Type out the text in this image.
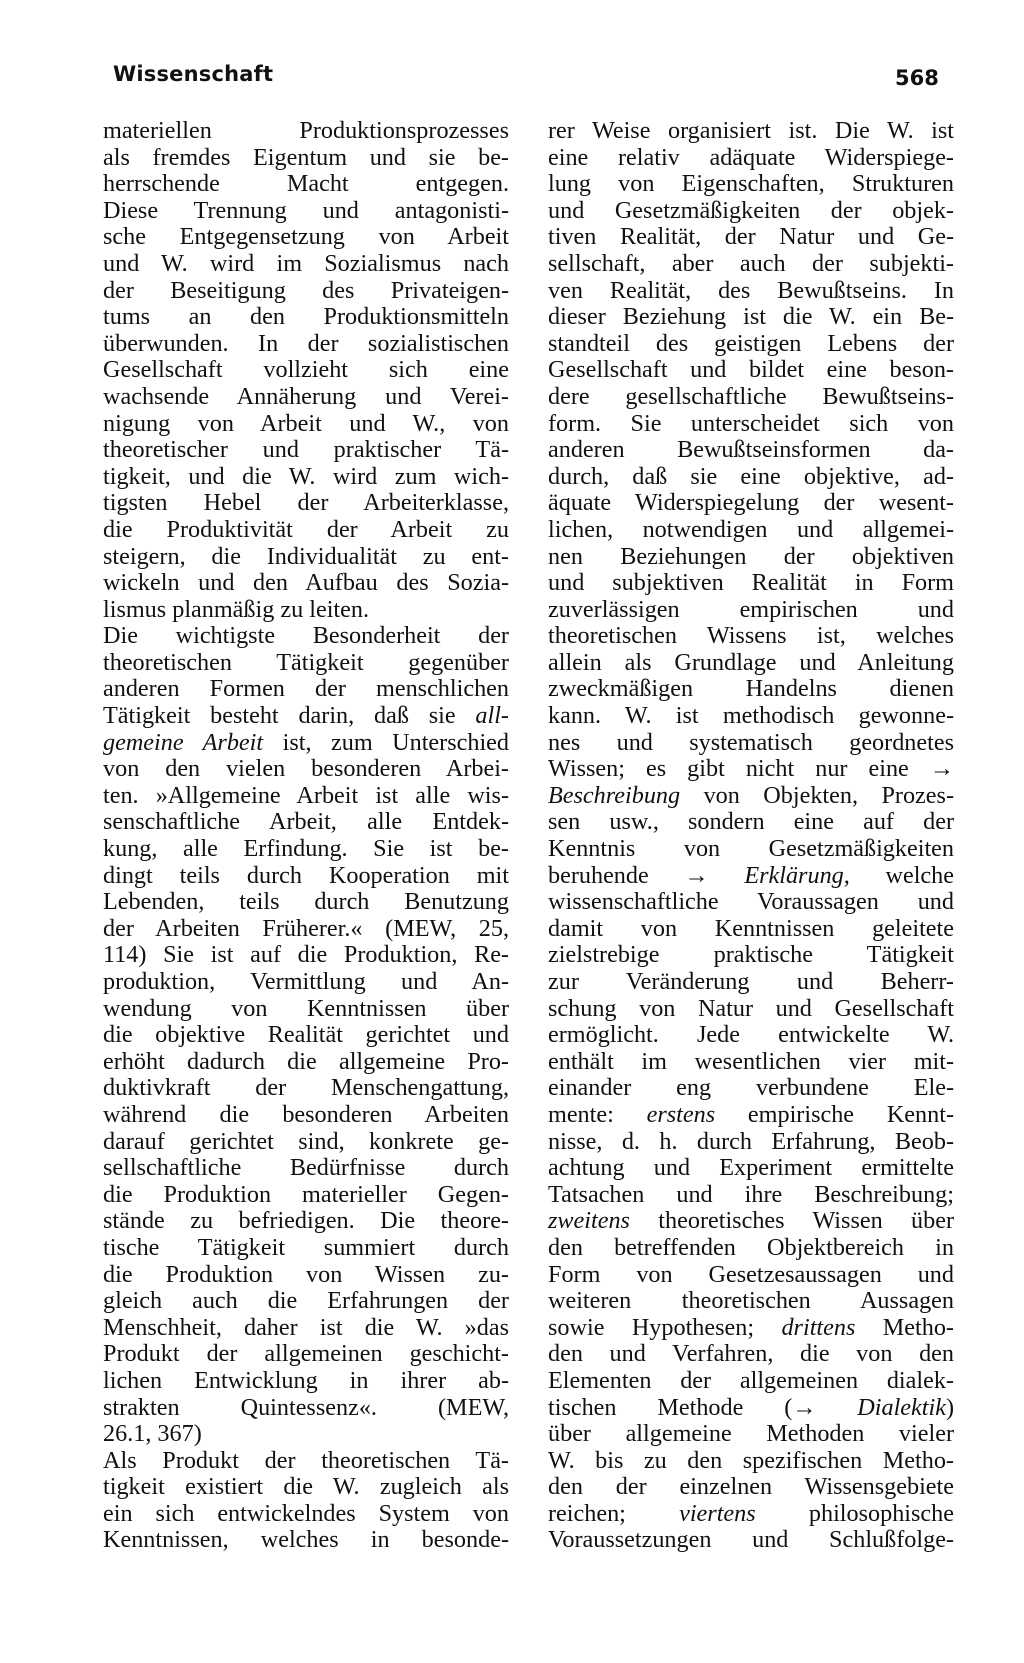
Wissenschaft	568
materiellen Produktionsprozesses
als fremdes Eigentum und sie be-
herrschende Macht entgegen.
Diese Trennung und antagonisti-
sche Entgegensetzung von Arbeit
und W. wird im Sozialismus nach
der Beseitigung des Privateigen-
tums an den Produktionsmitteln
überwunden. In der sozialistischen
Gesellschaft vollzieht sich eine
wachsende Annäherung und Verei-
nigung von Arbeit und W., von
theoretischer und praktischer Tä-
tigkeit, und die W. wird zum wich-
tigsten Hebel der Arbeiterklasse,
die Produktivität der Arbeit zu
steigern, die Individualität zu ent-
wickeln und den Aufbau des Sozia-
lismus planmäßig zu leiten.
Die wichtigste Besonderheit der
theoretischen Tätigkeit gegenüber
anderen Formen der menschlichen
Tätigkeit besteht darin, daß sie all-
gemeine Arbeit ist, zum Unterschied
von den vielen besonderen Arbei-
ten. »Allgemeine Arbeit ist alle wis-
senschaftliche Arbeit, alle Entdek-
kung, alle Erfindung. Sie ist be-
dingt teils durch Kooperation mit
Lebenden, teils durch Benutzung
der Arbeiten Früherer.« (MEW, 25,
114) Sie ist auf die Produktion, Re-
produktion, Vermittlung und An-
wendung von Kenntnissen über
die objektive Realität gerichtet und
erhöht dadurch die allgemeine Pro-
duktivkraft der Menschengattung,
während die besonderen Arbeiten
darauf gerichtet sind, konkrete ge-
sellschaftliche Bedürfnisse durch
die Produktion materieller Gegen-
stände zu befriedigen. Die theore-
tische Tätigkeit summiert durch
die Produktion von Wissen zu-
gleich auch die Erfahrungen der
Menschheit, daher ist die W. »das
Produkt der allgemeinen geschicht-
lichen Entwicklung in ihrer ab-
strakten Quintessenz«. (MEW,
26.1, 367)
Als Produkt der theoretischen Tä-
tigkeit existiert die W. zugleich als
ein sich entwickelndes System von
Kenntnissen, welches in besonde-
rer Weise organisiert ist. Die W. ist
eine relativ adäquate Widerspiege-
lung von Eigenschaften, Strukturen
und Gesetzmäßigkeiten der objek-
tiven Realität, der Natur und Ge-
sellschaft, aber auch der subjekti-
ven Realität, des Bewußtseins. In
dieser Beziehung ist die W. ein Be-
standteil des geistigen Lebens der
Gesellschaft und bildet eine beson-
dere gesellschaftliche Bewußtseins-
form. Sie unterscheidet sich von
anderen Bewußtseinsformen da-
durch, daß sie eine objektive, ad-
äquate Widerspiegelung der wesent-
lichen, notwendigen und allgemei-
nen Beziehungen der objektiven
und subjektiven Realität in Form
zuverlässigen empirischen und
theoretischen Wissens ist, welches
allein als Grundlage und Anleitung
zweckmäßigen Handelns dienen
kann. W. ist methodisch gewonne-
nes und systematisch geordnetes
Wissen; es gibt nicht nur eine →
Beschreibung von Objekten, Prozes-
sen usw., sondern eine auf der
Kenntnis von Gesetzmäßigkeiten
beruhende → Erklärung, welche
wissenschaftliche Voraussagen und
damit von Kenntnissen geleitete
zielstrebige praktische Tätigkeit
zur Veränderung und Beherr-
schung von Natur und Gesellschaft
ermöglicht. Jede entwickelte W.
enthält im wesentlichen vier mit-
einander eng verbundene Ele-
mente: erstens empirische Kennt-
nisse, d. h. durch Erfahrung, Beob-
achtung und Experiment ermittelte
Tatsachen und ihre Beschreibung;
zweitens theoretisches Wissen über
den betreffenden Objektbereich in
Form von Gesetzesaussagen und
weiteren theoretischen Aussagen
sowie Hypothesen; drittens Metho-
den und Verfahren, die von den
Elementen der allgemeinen dialek-
tischen Methode (→ Dialektik)
über allgemeine Methoden vieler
W. bis zu den spezifischen Metho-
den der einzelnen Wissensgebiete
reichen; viertens philosophische
Voraussetzungen und Schlußfolge-
